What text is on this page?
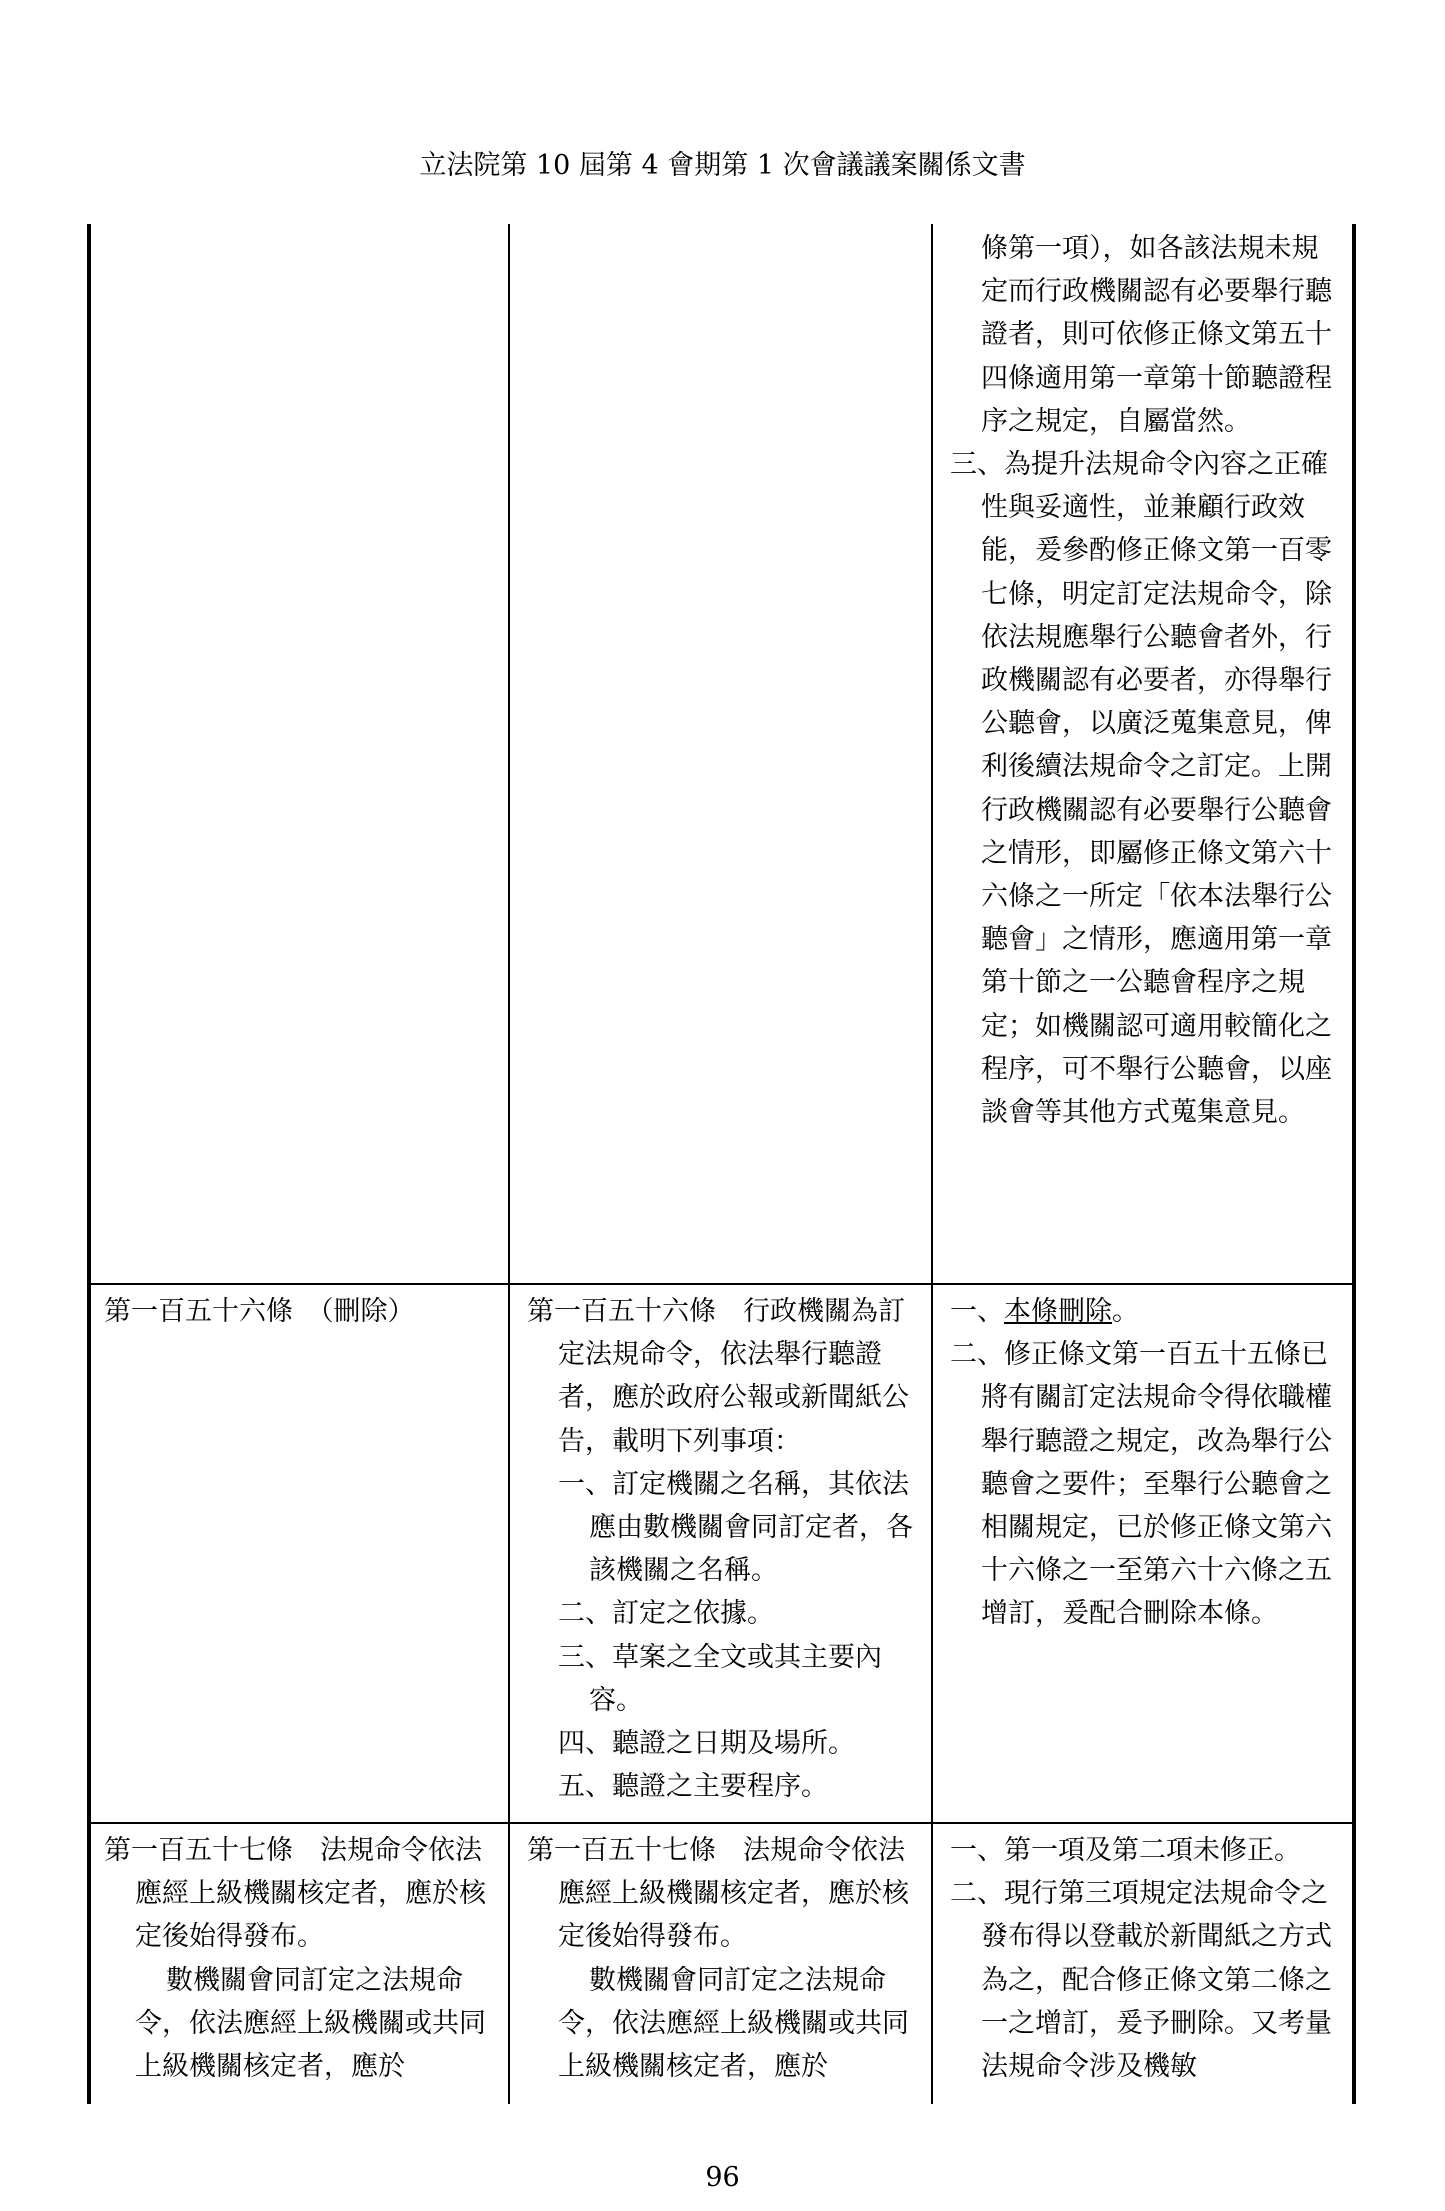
立法院第 10 屆第 4 會期第 1 次會議議案關係文書

條第一項），如各該法規未規定而行政機關認有必要舉行聽證者，則可依修正條文第五十四條適用第一章第十節聽證程序之規定，自屬當然。

三、為提升法規命令內容之正確性與妥適性，並兼顧行政效能，爰參酌修正條文第一百零七條，明定訂定法規命令，除依法規應舉行公聽會者外，行政機關認有必要者，亦得舉行公聽會，以廣泛蒐集意見，俾利後續法規命令之訂定。上開行政機關認有必要舉行公聽會之情形，即屬修正條文第六十六條之一所定「依本法舉行公聽會」之情形，應適用第一章第十節之一公聽會程序之規定；如機關認可適用較簡化之程序，可不舉行公聽會，以座談會等其他方式蒐集意見。

第一百五十六條　（刪除）	第一百五十六條　行政機關為訂定法規命令，依法舉行聽證者，應於政府公報或新聞紙公告，載明下列事項：

一、訂定機關之名稱，其依法應由數機關會同訂定者，各該機關之名稱。

二、訂定之依據。

三、草案之全文或其主要內容。

四、聽證之日期及場所。

五、聽證之主要程序。

一、本條刪除。

二、修正條文第一百五十五條已將有關訂定法規命令得依職權舉行聽證之規定，改為舉行公聽會之要件；至舉行公聽會之相關規定，已於修正條文第六十六條之一至第六十六條之五增訂，爰配合刪除本條。

第一百五十七條　法規命令依法應經上級機關核定者，應於核定後始得發布。

數機關會同訂定之法規命令，依法應經上級機關或共同上級機關核定者，應於

第一百五十七條　法規命令依法應經上級機關核定者，應於核定後始得發布。

數機關會同訂定之法規命令，依法應經上級機關或共同上級機關核定者，應於

一、第一項及第二項未修正。

二、現行第三項規定法規命令之發布得以登載於新聞紙之方式為之，配合修正條文第二條之一之增訂，爰予刪除。又考量法規命令涉及機敏

96
